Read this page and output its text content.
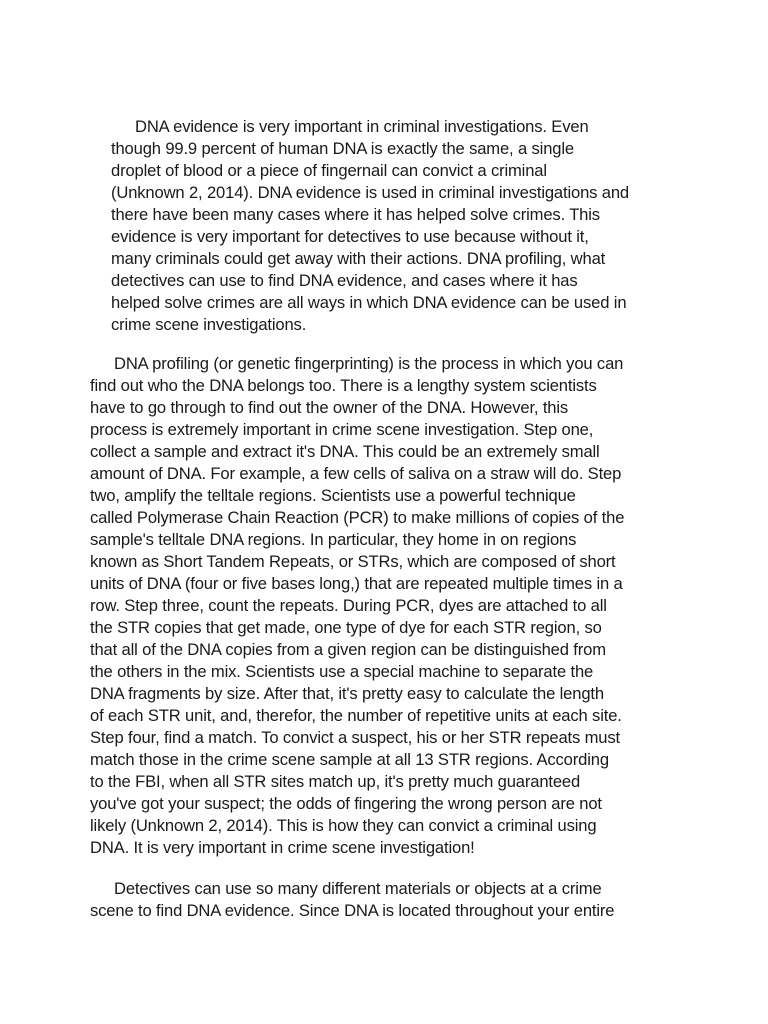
DNA evidence is very important in criminal investigations. Even
though 99.9 percent of human DNA is exactly the same, a single
droplet of blood or a piece of fingernail can convict a criminal
(Unknown 2, 2014). DNA evidence is used in criminal investigations and
there have been many cases where it has helped solve crimes. This
evidence is very important for detectives to use because without it,
many criminals could get away with their actions. DNA profiling, what
detectives can use to find DNA evidence, and cases where it has
helped solve crimes are all ways in which DNA evidence can be used in
crime scene investigations.

DNA profiling (or genetic fingerprinting) is the process in which you can
find out who the DNA belongs too. There is a lengthy system scientists
have to go through to find out the owner of the DNA. However, this
process is extremely important in crime scene investigation. Step one,
collect a sample and extract it's DNA. This could be an extremely small
amount of DNA. For example, a few cells of saliva on a straw will do. Step
two, amplify the telltale regions. Scientists use a powerful technique
called Polymerase Chain Reaction (PCR) to make millions of copies of the
sample's telltale DNA regions. In particular, they home in on regions
known as Short Tandem Repeats, or STRs, which are composed of short
units of DNA (four or five bases long,) that are repeated multiple times in a
row. Step three, count the repeats. During PCR, dyes are attached to all
the STR copies that get made, one type of dye for each STR region, so
that all of the DNA copies from a given region can be distinguished from
the others in the mix. Scientists use a special machine to separate the
DNA fragments by size. After that, it's pretty easy to calculate the length
of each STR unit, and, therefor, the number of repetitive units at each site.
Step four, find a match. To convict a suspect, his or her STR repeats must
match those in the crime scene sample at all 13 STR regions. According
to the FBI, when all STR sites match up, it's pretty much guaranteed
you've got your suspect; the odds of fingering the wrong person are not
likely (Unknown 2, 2014). This is how they can convict a criminal using
DNA. It is very important in crime scene investigation!

Detectives can use so many different materials or objects at a crime
scene to find DNA evidence. Since DNA is located throughout your entire
